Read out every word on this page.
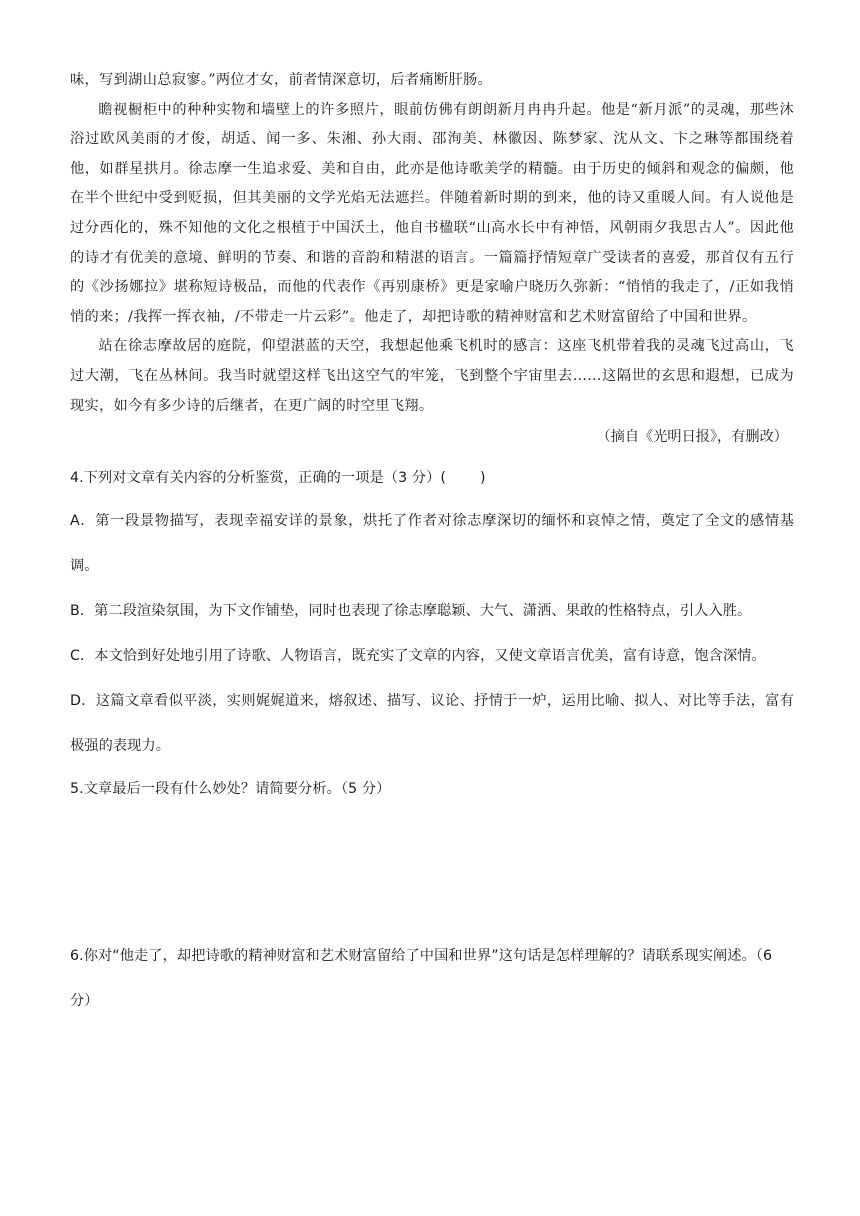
味，写到湖山总寂寥。”两位才女，前者情深意切，后者痛断肝肠。

瞻视橱柜中的种种实物和墙壁上的许多照片，眼前仿佛有朗朗新月冉冉升起。他是“新月派”的灵魂，那些沐浴过欧风美雨的才俊，胡适、闻一多、朱湘、孙大雨、邵洵美、林徽因、陈梦家、沈从文、卞之琳等都围绕着他，如群星拱月。徐志摩一生追求爱、美和自由，此亦是他诗歌美学的精髓。由于历史的倾斜和观念的偏颇，他在半个世纪中受到贬损，但其美丽的文学光焰无法遮拦。伴随着新时期的到来，他的诗又重暖人间。有人说他是过分西化的，殊不知他的文化之根植于中国沃土，他自书楹联“山高水长中有神悟，风朝雨夕我思古人”。因此他的诗才有优美的意境、鲜明的节奏、和谐的音韵和精湛的语言。一篇篇抒情短章广受读者的喜爱，那首仅有五行的《沙扬娜拉》堪称短诗极品，而他的代表作《再别康桥》更是家喻户晓历久弥新：“悄悄的我走了，/正如我悄悄的来；/我挥一挥衣袖，/不带走一片云彩”。他走了，却把诗歌的精神财富和艺术财富留给了中国和世界。

站在徐志摩故居的庭院，仰望湛蓝的天空，我想起他乘飞机时的感言：这座飞机带着我的灵魂飞过高山，飞过大潮，飞在丛林间。我当时就望这样飞出这空气的牢笼，飞到整个宇宙里去……这隔世的玄思和遐想，已成为现实，如今有多少诗的后继者，在更广阔的时空里飞翔。

（摘自《光明日报》，有删改）

4.下列对文章有关内容的分析鉴赏，正确的一项是（3 分）( )

A．第一段景物描写，表现幸福安详的景象，烘托了作者对徐志摩深切的缅怀和哀悼之情，奠定了全文的感情基调。

B．第二段渲染氛围，为下文作铺垫，同时也表现了徐志摩聪颖、大气、潇洒、果敢的性格特点，引人入胜。

C．本文恰到好处地引用了诗歌、人物语言，既充实了文章的内容，又使文章语言优美，富有诗意，饱含深情。

D．这篇文章看似平淡，实则娓娓道来，熔叙述、描写、议论、抒情于一炉，运用比喻、拟人、对比等手法，富有极强的表现力。

5.文章最后一段有什么妙处？请简要分析。（5 分）

6.你对“他走了，却把诗歌的精神财富和艺术财富留给了中国和世界”这句话是怎样理解的？请联系现实阐述。（6 分）
